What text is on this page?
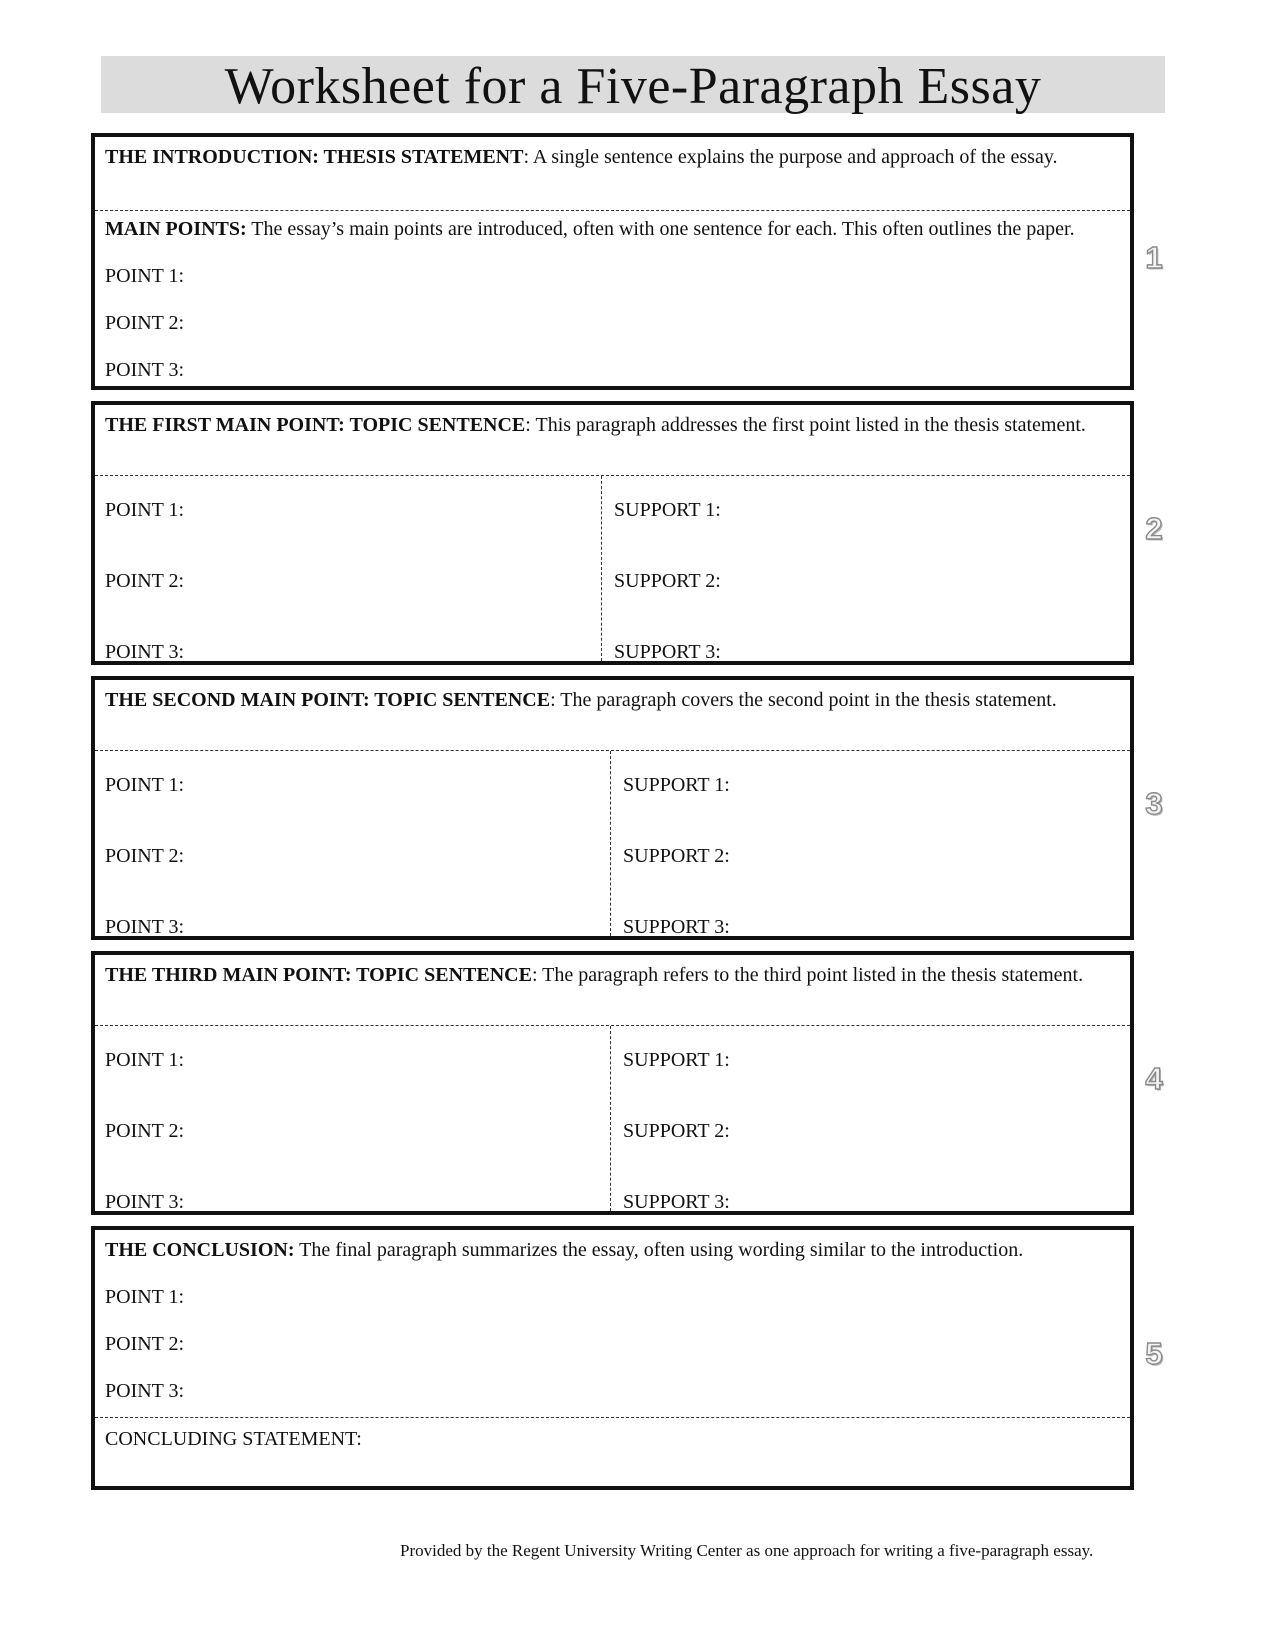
Worksheet for a Five-Paragraph Essay
THE INTRODUCTION: THESIS STATEMENT: A single sentence explains the purpose and approach of the essay.
MAIN POINTS: The essay’s main points are introduced, often with one sentence for each. This often outlines the paper.
POINT 1:
POINT 2:
POINT 3:
1
THE FIRST MAIN POINT: TOPIC SENTENCE: This paragraph addresses the first point listed in the thesis statement.
POINT 1:
POINT 2:
POINT 3:
SUPPORT 1:
SUPPORT 2:
SUPPORT 3:
2
THE SECOND MAIN POINT: TOPIC SENTENCE: The paragraph covers the second point in the thesis statement.
POINT 1:
POINT 2:
POINT 3:
SUPPORT 1:
SUPPORT 2:
SUPPORT 3:
3
THE THIRD MAIN POINT: TOPIC SENTENCE: The paragraph refers to the third point listed in the thesis statement.
POINT 1:
POINT 2:
POINT 3:
SUPPORT 1:
SUPPORT 2:
SUPPORT 3:
4
THE CONCLUSION: The final paragraph summarizes the essay, often using wording similar to the introduction.
POINT 1:
POINT 2:
POINT 3:
CONCLUDING STATEMENT:
5
Provided by the Regent University Writing Center as one approach for writing a five-paragraph essay.
